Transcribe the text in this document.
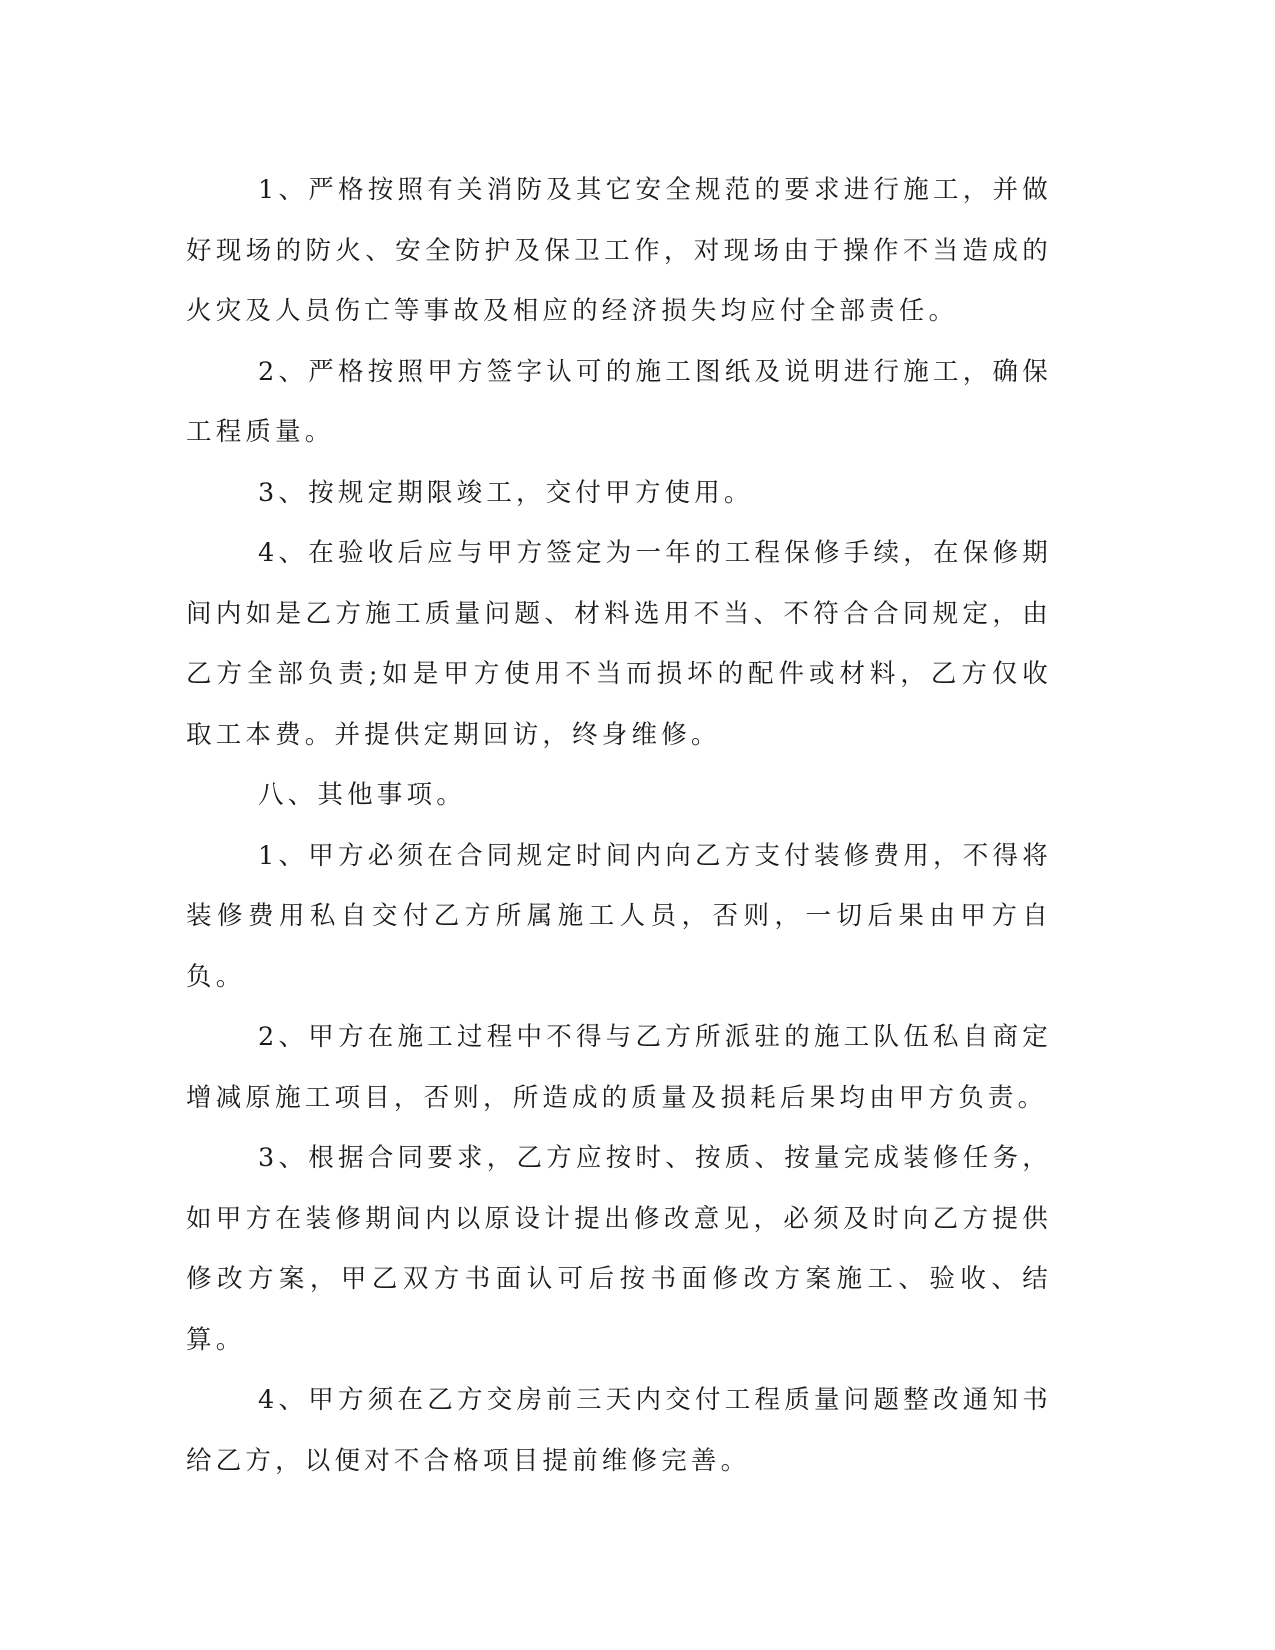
1、严格按照有关消防及其它安全规范的要求进行施工，并做好现场的防火、安全防护及保卫工作，对现场由于操作不当造成的火灾及人员伤亡等事故及相应的经济损失均应付全部责任。

2、严格按照甲方签字认可的施工图纸及说明进行施工，确保工程质量。

3、按规定期限竣工，交付甲方使用。

4、在验收后应与甲方签定为一年的工程保修手续，在保修期间内如是乙方施工质量问题、材料选用不当、不符合合同规定，由乙方全部负责;如是甲方使用不当而损坏的配件或材料，乙方仅收取工本费。并提供定期回访，终身维修。

八、其他事项。

1、甲方必须在合同规定时间内向乙方支付装修费用，不得将装修费用私自交付乙方所属施工人员，否则，一切后果由甲方自负。

2、甲方在施工过程中不得与乙方所派驻的施工队伍私自商定增减原施工项目，否则，所造成的质量及损耗后果均由甲方负责。

3、根据合同要求，乙方应按时、按质、按量完成装修任务，如甲方在装修期间内以原设计提出修改意见，必须及时向乙方提供修改方案，甲乙双方书面认可后按书面修改方案施工、验收、结算。

4、甲方须在乙方交房前三天内交付工程质量问题整改通知书给乙方，以便对不合格项目提前维修完善。
